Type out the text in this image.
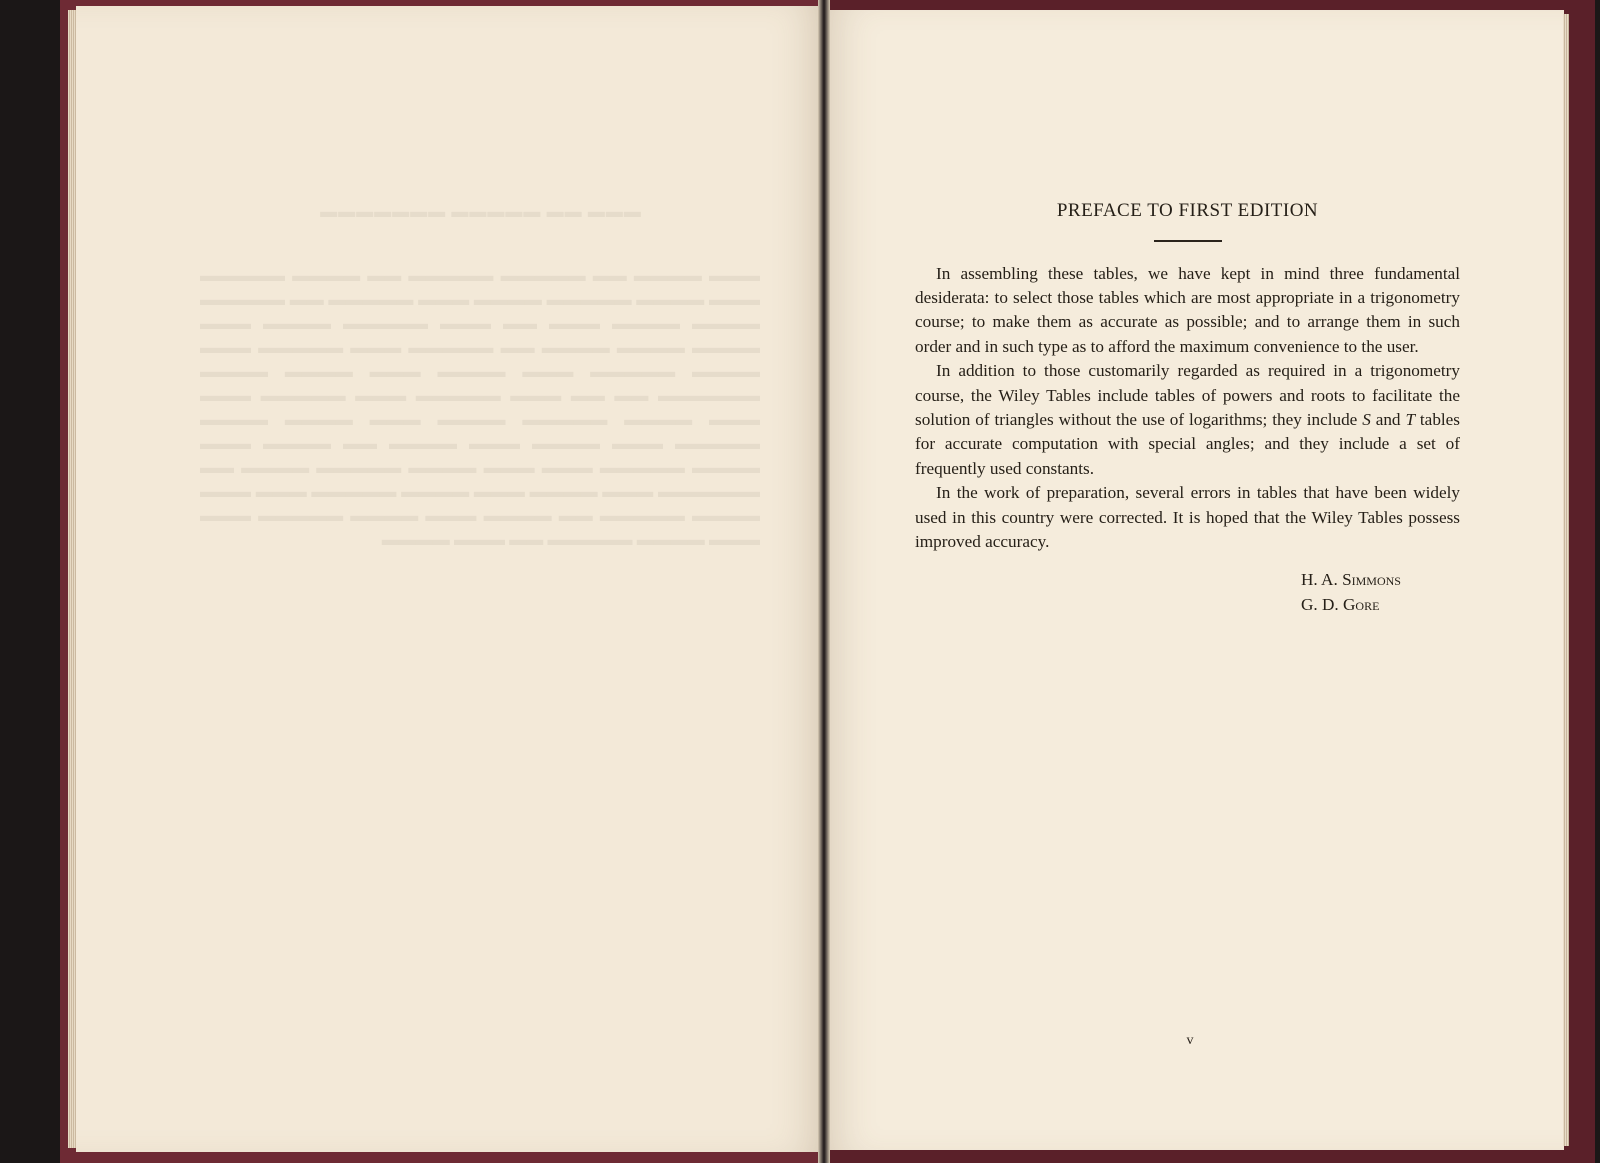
▬▬▬ ▬▬ ▬▬▬▬▬ ▬▬▬▬▬▬▬
▬▬▬ ▬▬▬▬ ▬▬ ▬▬▬▬▬ ▬▬▬▬▬ ▬▬ ▬▬▬▬ ▬▬▬▬▬ ▬▬▬ ▬▬▬▬ ▬▬▬▬▬ ▬▬▬▬ ▬▬▬ ▬▬▬▬▬ ▬▬ ▬▬▬▬▬ ▬▬▬▬ ▬▬▬▬ ▬▬▬ ▬▬ ▬▬▬ ▬▬▬▬▬ ▬▬▬▬ ▬▬▬ ▬▬▬▬ ▬▬▬▬ ▬▬▬▬ ▬▬ ▬▬▬▬▬ ▬▬▬ ▬▬▬▬▬ ▬▬▬ ▬▬▬▬ ▬▬▬▬▬ ▬▬▬ ▬▬▬▬ ▬▬▬ ▬▬▬▬ ▬▬▬▬ ▬▬▬▬▬▬ ▬▬ ▬▬ ▬▬▬ ▬▬▬▬▬ ▬▬▬ ▬▬▬▬▬ ▬▬▬ ▬▬▬ ▬▬▬▬ ▬▬▬▬▬ ▬▬▬▬ ▬▬▬ ▬▬▬▬ ▬▬▬▬ ▬▬▬▬▬ ▬▬▬ ▬▬▬▬ ▬▬▬ ▬▬▬▬ ▬▬ ▬▬▬▬ ▬▬▬ ▬▬▬▬ ▬▬▬▬▬ ▬▬▬ ▬▬▬ ▬▬▬▬ ▬▬▬▬▬ ▬▬▬▬ ▬▬ ▬▬▬▬▬▬ ▬▬▬ ▬▬▬▬ ▬▬▬ ▬▬▬▬ ▬▬▬▬▬ ▬▬▬ ▬▬▬ ▬▬▬▬ ▬▬▬▬▬ ▬▬ ▬▬▬▬ ▬▬▬ ▬▬▬▬ ▬▬▬▬▬ ▬▬▬ ▬▬▬ ▬▬▬▬ ▬▬▬▬▬ ▬▬ ▬▬▬ ▬▬▬▬
PREFACE TO FIRST EDITION

In assembling these tables, we have kept in mind three fundamental desiderata: to select those tables which are most appropriate in a trigonometry course; to make them as accurate as possible; and to arrange them in such order and in such type as to afford the maximum convenience to the user.

In addition to those customarily regarded as required in a trigonometry course, the Wiley Tables include tables of powers and roots to facilitate the solution of triangles without the use of logarithms; they include S and T tables for accurate computation with special angles; and they include a set of frequently used constants.

In the work of preparation, several errors in tables that have been widely used in this country were corrected. It is hoped that the Wiley Tables possess improved accuracy.

H. A. Simmons
G. D. Gore
v
